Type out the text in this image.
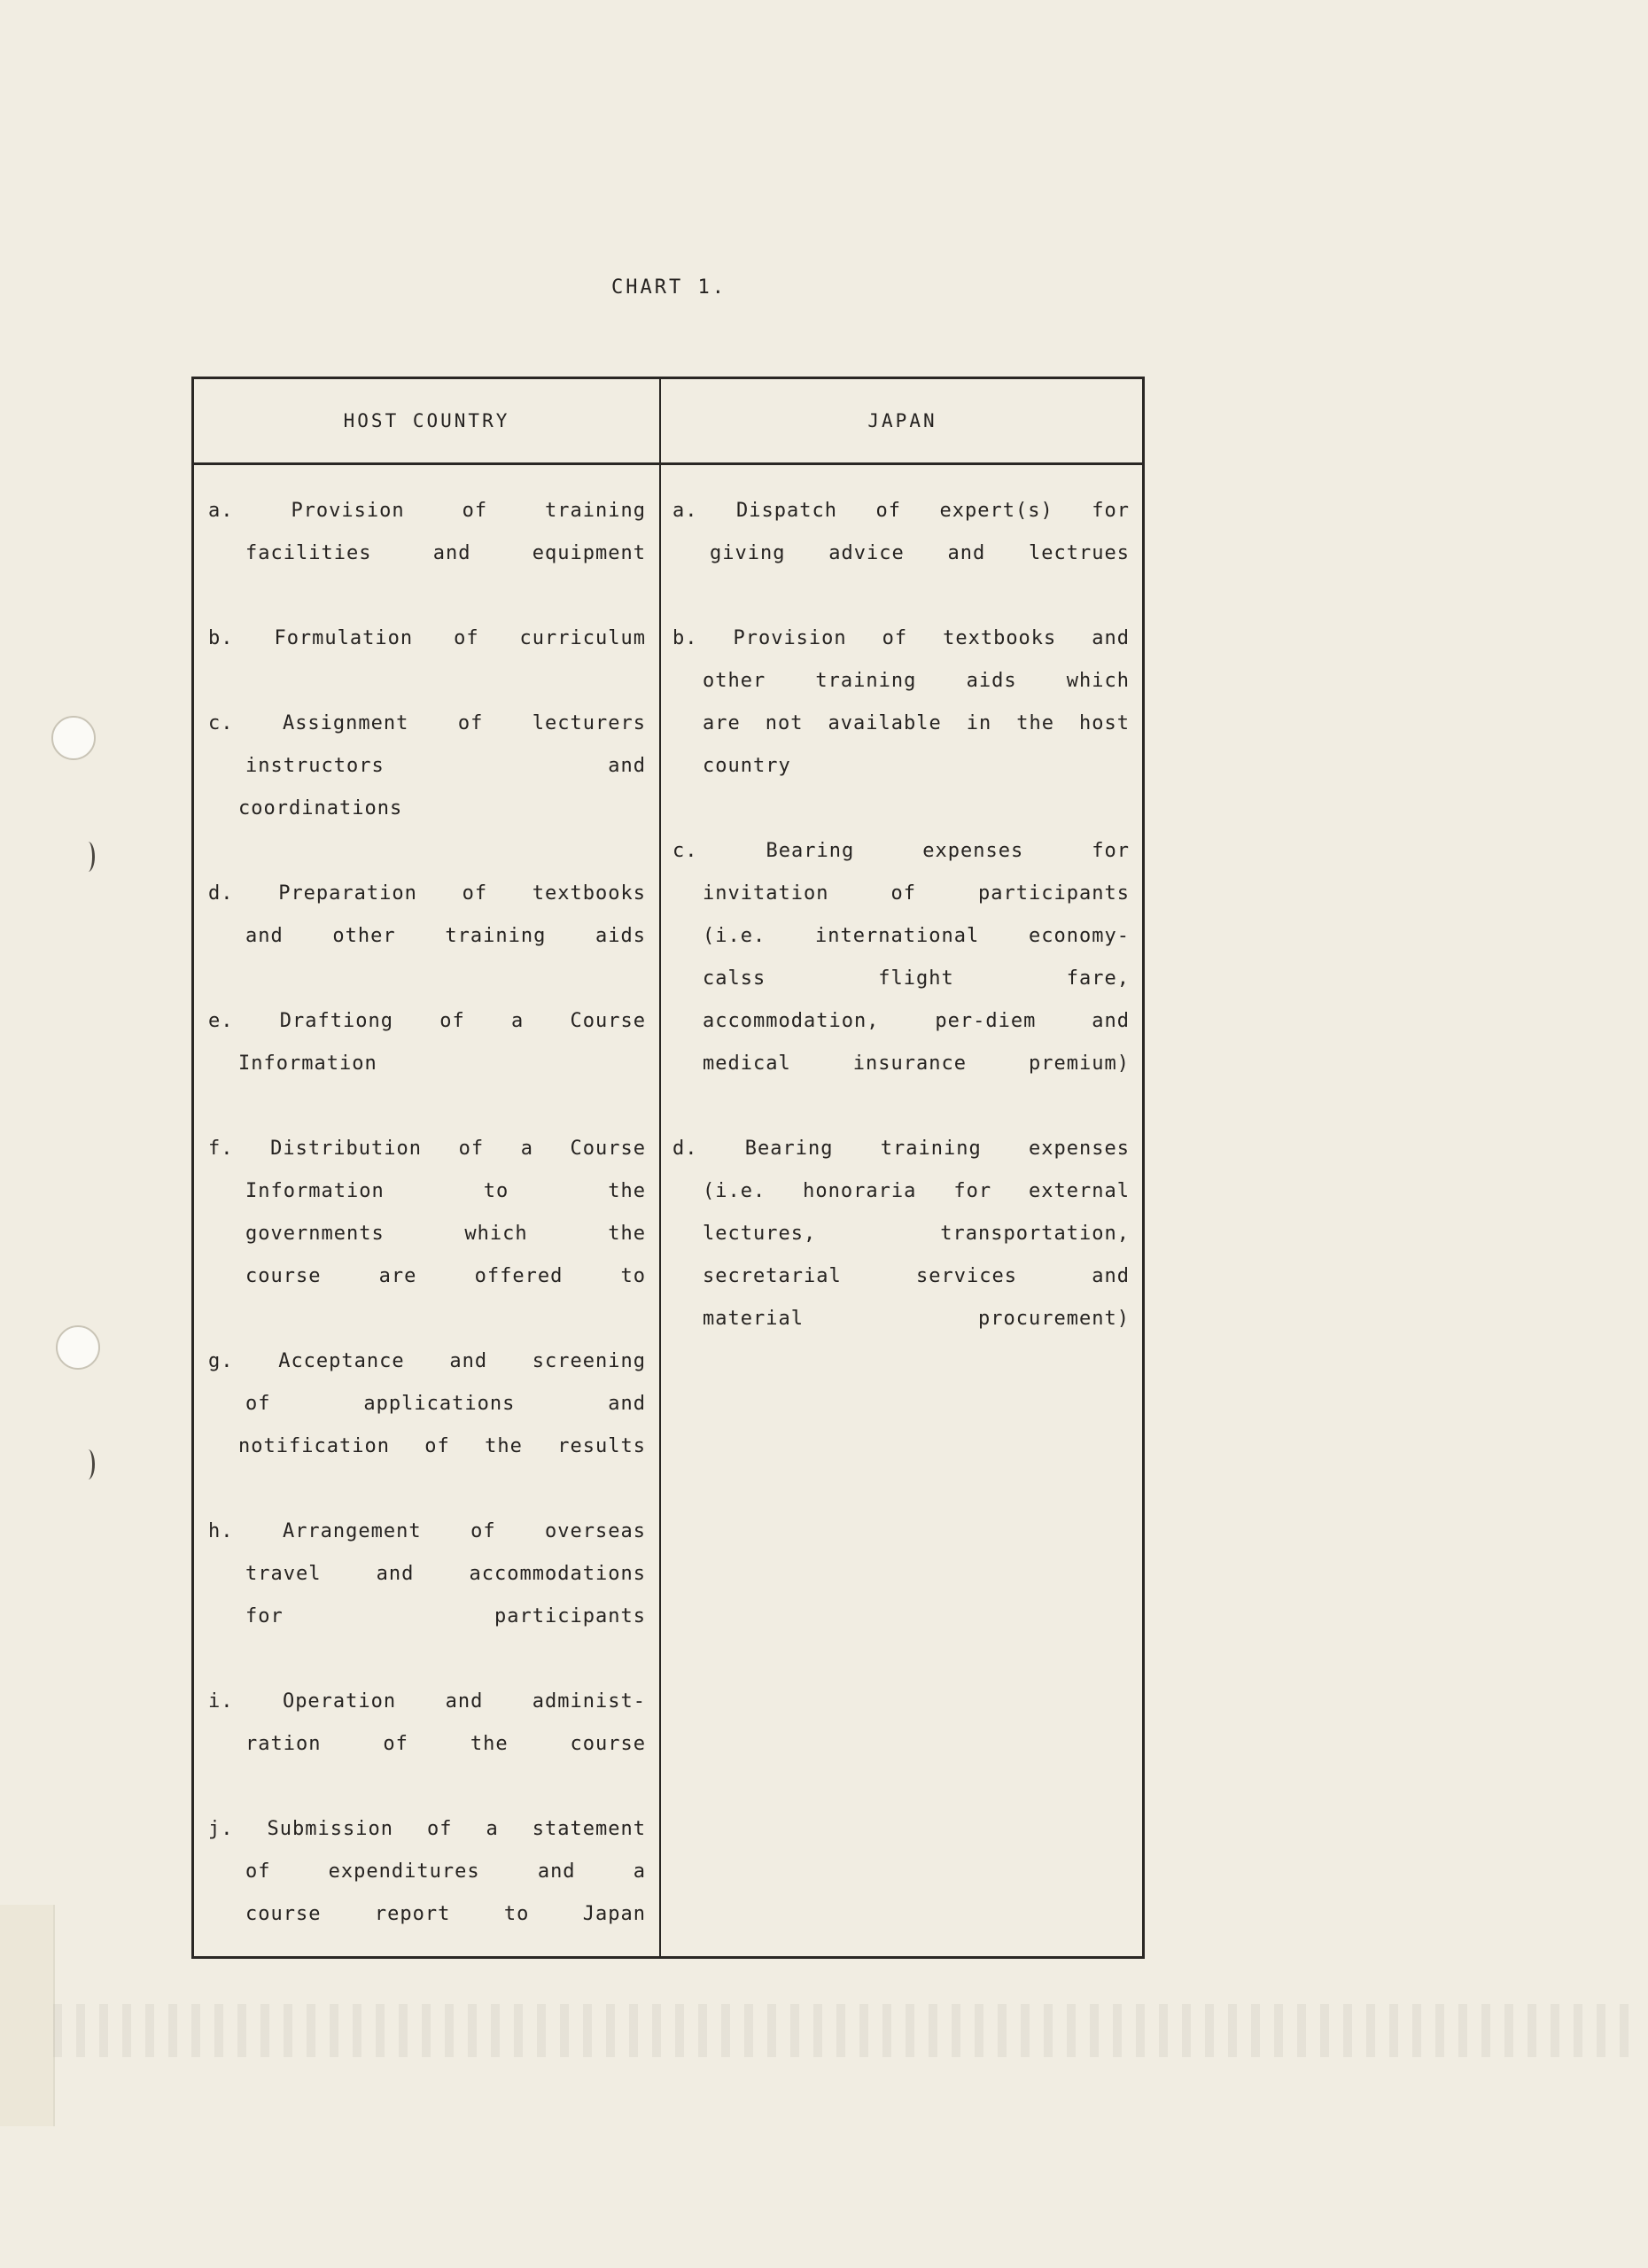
CHART 1.
HOST COUNTRY	JAPAN
a. Provision of training
facilities and equipment
b. Formulation of curriculum
c. Assignment of lecturers
instructors and
coordinations
d. Preparation of textbooks
and other training aids
e. Draftiong of a Course
Information
f. Distribution of a Course
Information to the
governments which the
course are offered to
g. Acceptance and screening
of applications and
notification of the results
h. Arrangement of overseas
travel and accommodations
for participants
i. Operation and administ-
ration of the course
j. Submission of a statement
of expenditures and a
course report to Japan
a. Dispatch of expert(s) for
giving advice and lectrues
b. Provision of textbooks and
other training aids which
are not available in the host
country
c. Bearing expenses for
invitation of participants
(i.e. international economy-
calss flight fare,
accommodation, per-diem and
medical insurance premium)
d. Bearing training expenses
(i.e. honoraria for external
lectures, transportation,
secretarial services and
material procurement)
